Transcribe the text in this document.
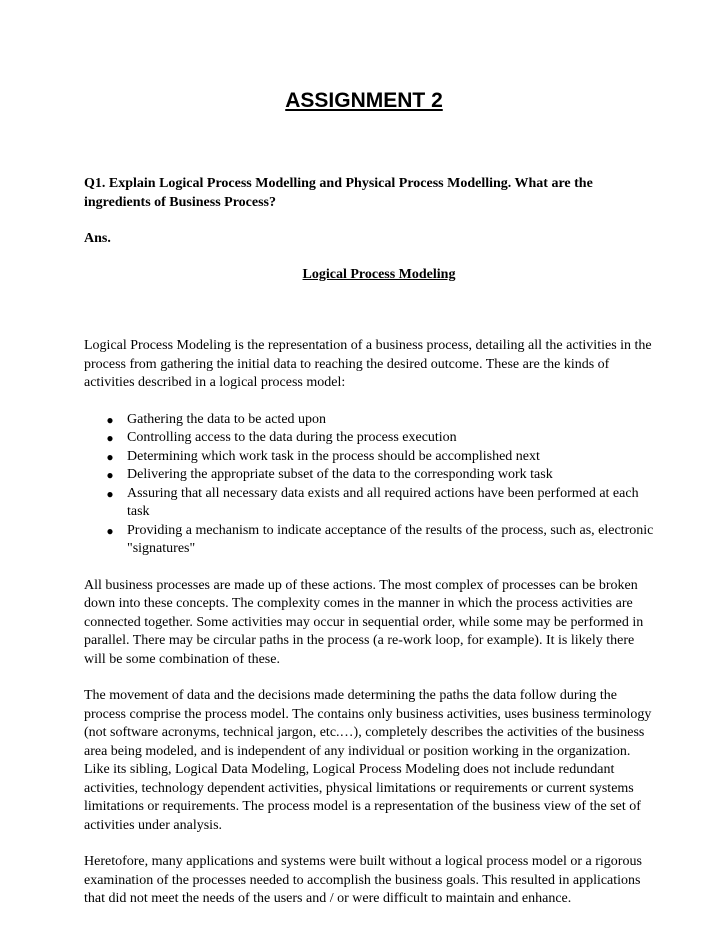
ASSIGNMENT 2
Q1. Explain Logical Process Modelling and Physical Process Modelling. What are the ingredients of Business Process?
Ans.
Logical Process Modeling

Logical Process Modeling is the representation of a business process, detailing all the activities in the process from gathering the initial data to reaching the desired outcome. These are the kinds of activities described in a logical process model:

● Gathering the data to be acted upon
● Controlling access to the data during the process execution
● Determining which work task in the process should be accomplished next
● Delivering the appropriate subset of the data to the corresponding work task
● Assuring that all necessary data exists and all required actions have been performed at each task
● Providing a mechanism to indicate acceptance of the results of the process, such as, electronic "signatures"

All business processes are made up of these actions. The most complex of processes can be broken down into these concepts. The complexity comes in the manner in which the process activities are connected together. Some activities may occur in sequential order, while some may be performed in parallel. There may be circular paths in the process (a re-work loop, for example). It is likely there will be some combination of these.

The movement of data and the decisions made determining the paths the data follow during the process comprise the process model. The contains only business activities, uses business terminology (not software acronyms, technical jargon, etc.…), completely describes the activities of the business area being modeled, and is independent of any individual or position working in the organization. Like its sibling, Logical Data Modeling, Logical Process Modeling does not include redundant activities, technology dependent activities, physical limitations or requirements or current systems limitations or requirements. The process model is a representation of the business view of the set of activities under analysis.

Heretofore, many applications and systems were built without a logical process model or a rigorous examination of the processes needed to accomplish the business goals. This resulted in applications that did not meet the needs of the users and / or were difficult to maintain and enhance.
